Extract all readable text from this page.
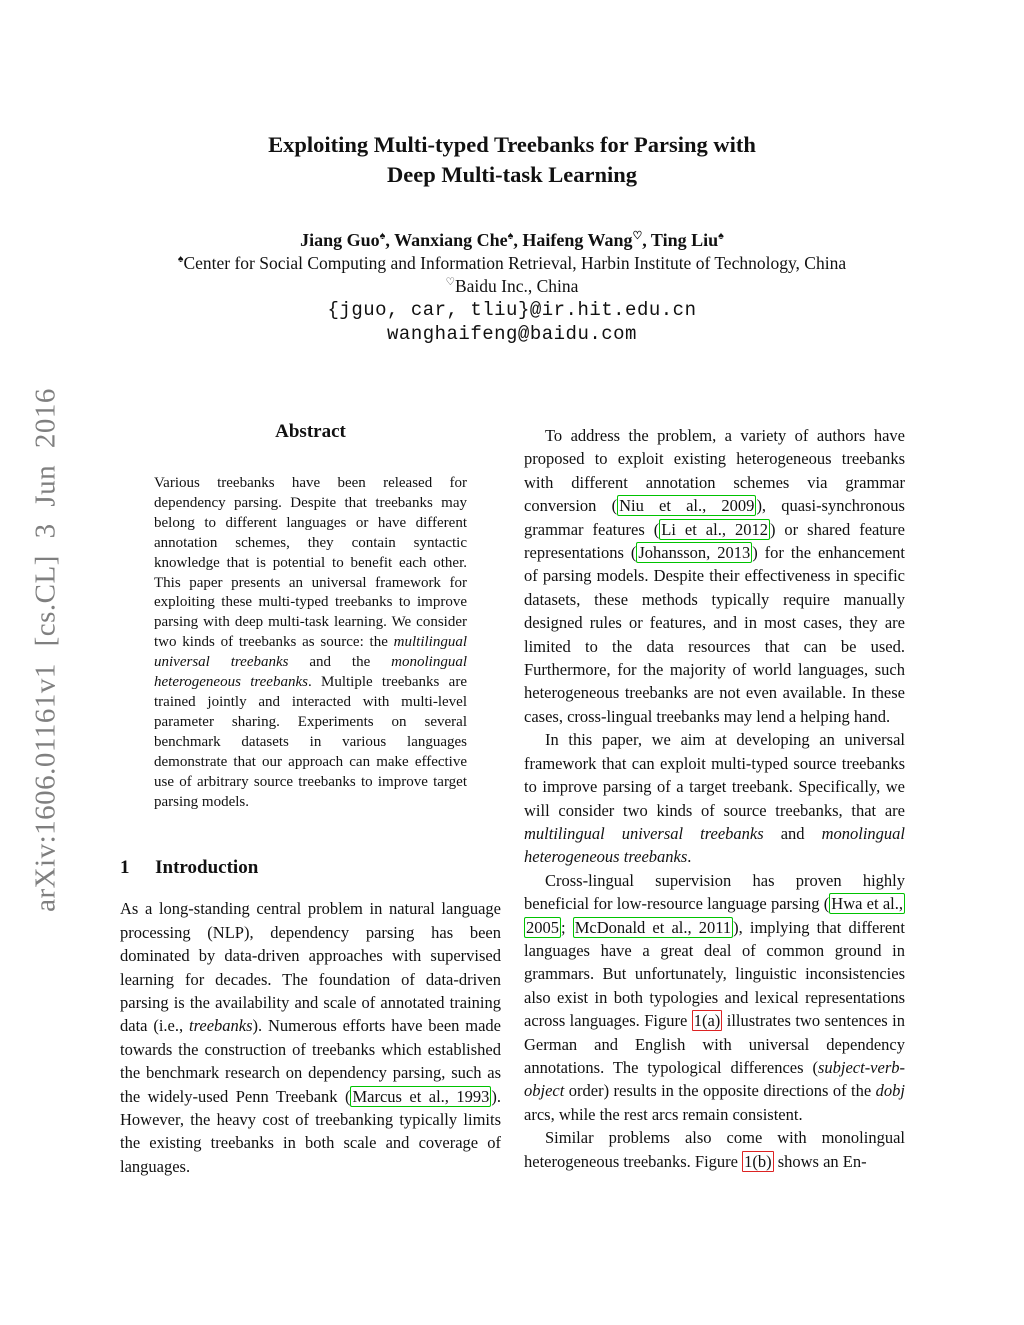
arXiv:1606.01161v1 [cs.CL] 3 Jun 2016
Exploiting Multi-typed Treebanks for Parsing with
Deep Multi-task Learning
Jiang Guo♠, Wanxiang Che♠, Haifeng Wang♡, Ting Liu♠
♠Center for Social Computing and Information Retrieval, Harbin Institute of Technology, China
♡Baidu Inc., China
{jguo, car, tliu}@ir.hit.edu.cn
wanghaifeng@baidu.com
Abstract

Various treebanks have been released for dependency parsing. Despite that treebanks may belong to different languages or have different annotation schemes, they contain syntactic knowledge that is potential to benefit each other. This paper presents an universal framework for exploiting these multi-typed treebanks to improve parsing with deep multi-task learning. We consider two kinds of treebanks as source: the multilingual universal treebanks and the monolingual heterogeneous treebanks. Multiple treebanks are trained jointly and interacted with multi-level parameter sharing. Experiments on several benchmark datasets in various languages demonstrate that our approach can make effective use of arbitrary source treebanks to improve target parsing models.

1 Introduction

As a long-standing central problem in natural language processing (NLP), dependency parsing has been dominated by data-driven approaches with supervised learning for decades. The foundation of data-driven parsing is the availability and scale of annotated training data (i.e., treebanks). Numerous efforts have been made towards the construction of treebanks which established the benchmark research on dependency parsing, such as the widely-used Penn Treebank ( Marcus et al., 1993 ). However, the heavy cost of treebanking typically limits the existing treebanks in both scale and coverage of languages.

To address the problem, a variety of authors have proposed to exploit existing heterogeneous treebanks with different annotation schemes via grammar conversion ( Niu et al., 2009 ), quasi-synchronous grammar features ( Li et al., 2012 ) or shared feature representations ( Johansson, 2013 ) for the enhancement of parsing models. Despite their effectiveness in specific datasets, these methods typically require manually designed rules or features, and in most cases, they are limited to the data resources that can be used. Furthermore, for the majority of world languages, such heterogeneous treebanks are not even available. In these cases, cross-lingual treebanks may lend a helping hand.

In this paper, we aim at developing an universal framework that can exploit multi-typed source treebanks to improve parsing of a target treebank. Specifically, we will consider two kinds of source treebanks, that are multilingual universal treebanks and monolingual heterogeneous treebanks.

Cross-lingual supervision has proven highly beneficial for low-resource language parsing ( Hwa et al., 2005 ; McDonald et al., 2011 ), implying that different languages have a great deal of common ground in grammars. But unfortunately, linguistic inconsistencies also exist in both typologies and lexical representations across languages. Figure 1(a) illustrates two sentences in German and English with universal dependency annotations. The typological differences (subject-verb-object order) results in the opposite directions of the dobj arcs, while the rest arcs remain consistent.

Similar problems also come with monolingual heterogeneous treebanks. Figure 1(b) shows an En-
